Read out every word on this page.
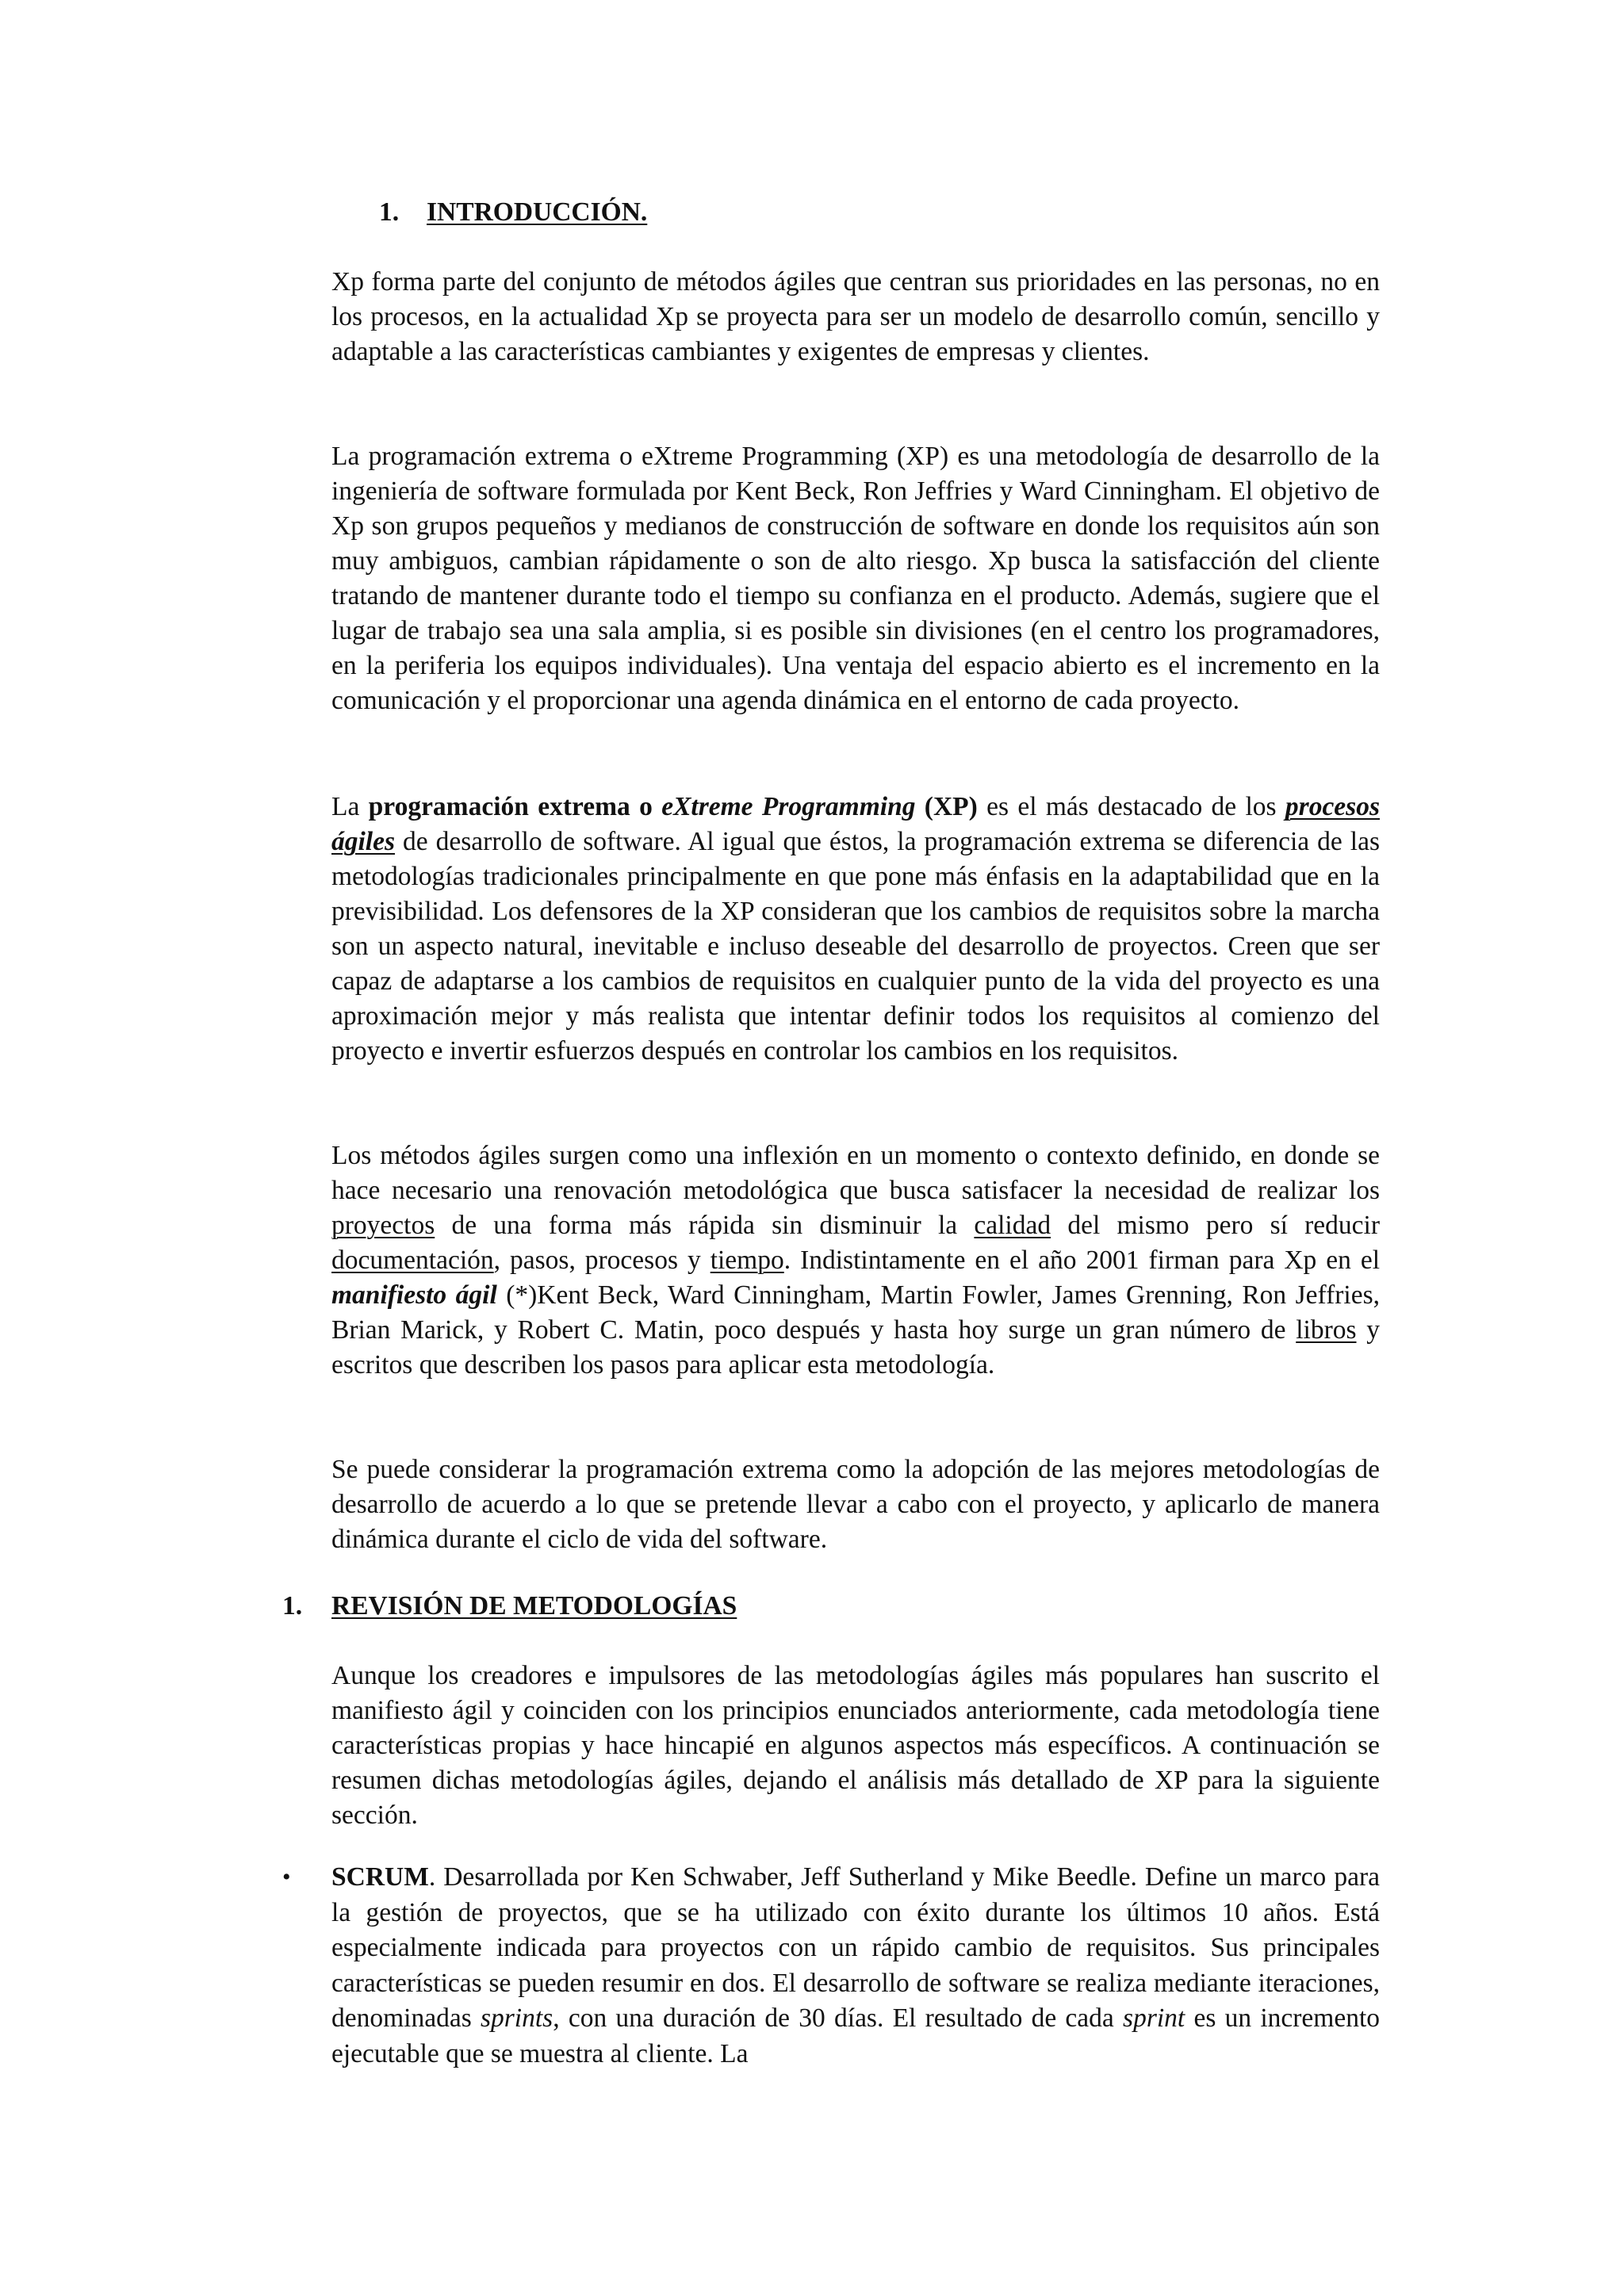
1. INTRODUCCIÓN.

Xp forma parte del conjunto de métodos ágiles que centran sus prioridades en las personas, no en los procesos, en la actualidad Xp se proyecta para ser un modelo de desarrollo común, sencillo y adaptable a las características cambiantes y exigentes de empresas y clientes.

La programación extrema o eXtreme Programming (XP) es una metodología de desarrollo de la ingeniería de software formulada por Kent Beck, Ron Jeffries y Ward Cinningham. El objetivo de Xp son grupos pequeños y medianos de construcción de software en donde los requisitos aún son muy ambiguos, cambian rápidamente o son de alto riesgo. Xp busca la satisfacción del cliente tratando de mantener durante todo el tiempo su confianza en el producto. Además, sugiere que el lugar de trabajo sea una sala amplia, si es posible sin divisiones (en el centro los programadores, en la periferia los equipos individuales). Una ventaja del espacio abierto es el incremento en la comunicación y el proporcionar una agenda dinámica en el entorno de cada proyecto.

La programación extrema o eXtreme Programming (XP) es el más destacado de los procesos ágiles de desarrollo de software. Al igual que éstos, la programación extrema se diferencia de las metodologías tradicionales principalmente en que pone más énfasis en la adaptabilidad que en la previsibilidad. Los defensores de la XP consideran que los cambios de requisitos sobre la marcha son un aspecto natural, inevitable e incluso deseable del desarrollo de proyectos. Creen que ser capaz de adaptarse a los cambios de requisitos en cualquier punto de la vida del proyecto es una aproximación mejor y más realista que intentar definir todos los requisitos al comienzo del proyecto e invertir esfuerzos después en controlar los cambios en los requisitos.

Los métodos ágiles surgen como una inflexión en un momento o contexto definido, en donde se hace necesario una renovación metodológica que busca satisfacer la necesidad de realizar los proyectos de una forma más rápida sin disminuir la calidad del mismo pero sí reducir documentación, pasos, procesos y tiempo. Indistintamente en el año 2001 firman para Xp en el manifiesto ágil (*)Kent Beck, Ward Cinningham, Martin Fowler, James Grenning, Ron Jeffries, Brian Marick, y Robert C. Matin, poco después y hasta hoy surge un gran número de libros y escritos que describen los pasos para aplicar esta metodología.

Se puede considerar la programación extrema como la adopción de las mejores metodologías de desarrollo de acuerdo a lo que se pretende llevar a cabo con el proyecto, y aplicarlo de manera dinámica durante el ciclo de vida del software.

1. REVISIÓN DE METODOLOGÍAS

Aunque los creadores e impulsores de las metodologías ágiles más populares han suscrito el manifiesto ágil y coinciden con los principios enunciados anteriormente, cada metodología tiene características propias y hace hincapié en algunos aspectos más específicos. A continuación se resumen dichas metodologías ágiles, dejando el análisis más detallado de XP para la siguiente sección.

• SCRUM. Desarrollada por Ken Schwaber, Jeff Sutherland y Mike Beedle. Define un marco para la gestión de proyectos, que se ha utilizado con éxito durante los últimos 10 años. Está especialmente indicada para proyectos con un rápido cambio de requisitos. Sus principales características se pueden resumir en dos. El desarrollo de software se realiza mediante iteraciones, denominadas sprints, con una duración de 30 días. El resultado de cada sprint es un incremento ejecutable que se muestra al cliente. La
